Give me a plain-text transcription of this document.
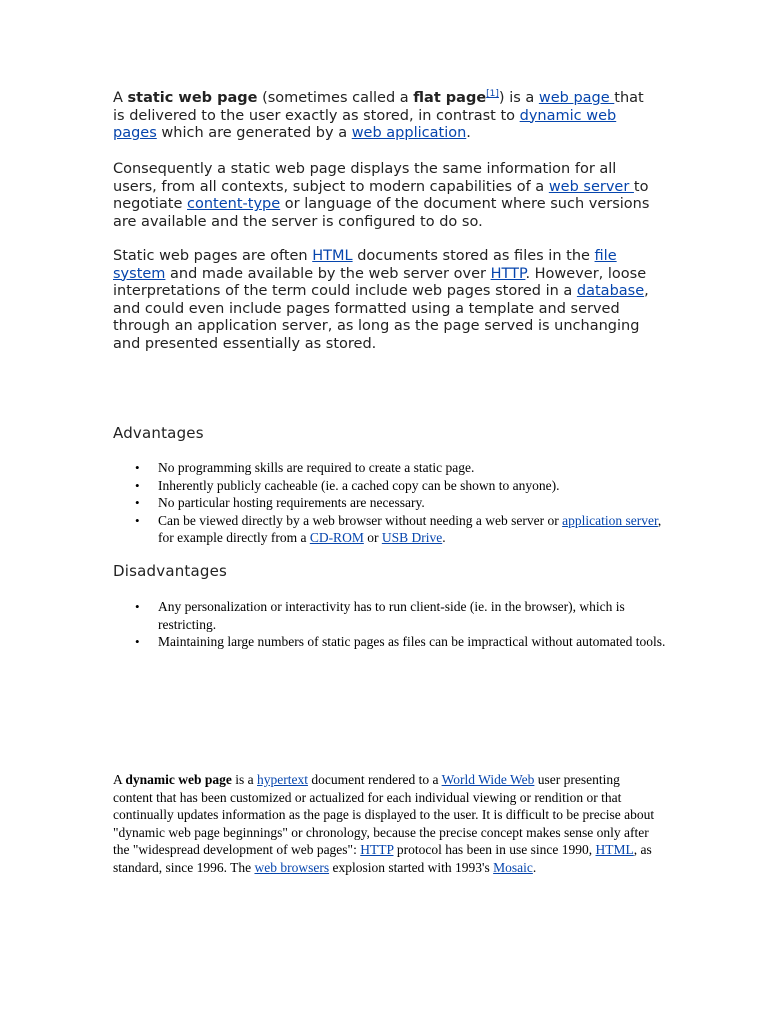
A static web page (sometimes called a flat page[1]) is a web page that is delivered to the user exactly as stored, in contrast to dynamic web pages which are generated by a web application.

Consequently a static web page displays the same information for all users, from all contexts, subject to modern capabilities of a web server to negotiate content-type or language of the document where such versions are available and the server is configured to do so.

Static web pages are often HTML documents stored as files in the file system and made available by the web server over HTTP. However, loose interpretations of the term could include web pages stored in a database, and could even include pages formatted using a template and served through an application server, as long as the page served is unchanging and presented essentially as stored.

Advantages
• No programming skills are required to create a static page.
• Inherently publicly cacheable (ie. a cached copy can be shown to anyone).
• No particular hosting requirements are necessary.
• Can be viewed directly by a web browser without needing a web server or application server, for example directly from a CD-ROM or USB Drive.
Disadvantages
• Any personalization or interactivity has to run client-side (ie. in the browser), which is restricting.
• Maintaining large numbers of static pages as files can be impractical without automated tools.

A dynamic web page is a hypertext document rendered to a World Wide Web user presenting content that has been customized or actualized for each individual viewing or rendition or that continually updates information as the page is displayed to the user. It is difficult to be precise about "dynamic web page beginnings" or chronology, because the precise concept makes sense only after the "widespread development of web pages": HTTP protocol has been in use since 1990, HTML, as standard, since 1996. The web browsers explosion started with 1993's Mosaic.
